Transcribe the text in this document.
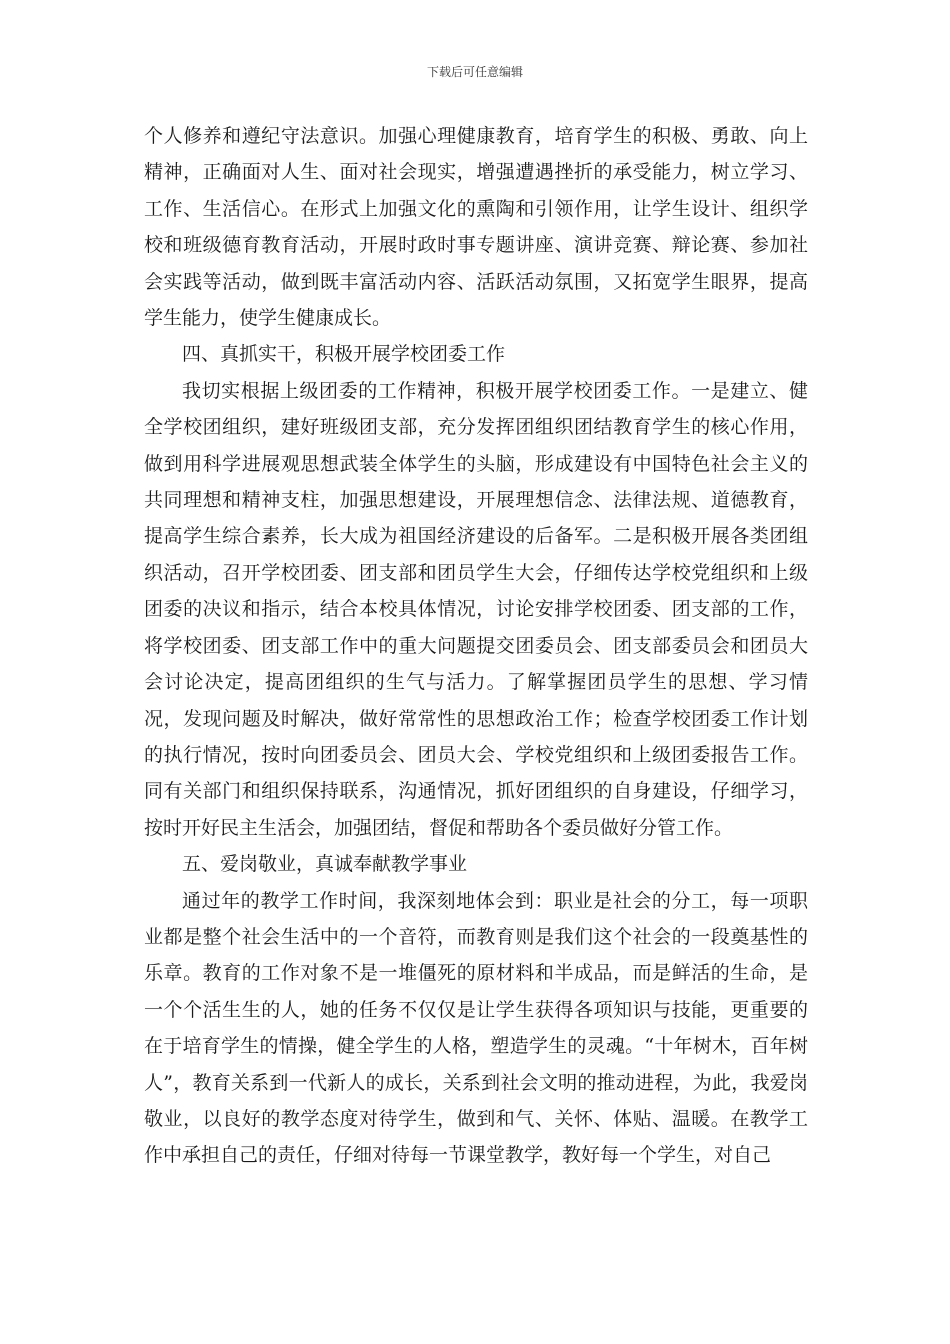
下载后可任意编辑

个人修养和遵纪守法意识。加强心理健康教育，培育学生的积极、勇敢、向上精神，正确面对人生、面对社会现实，增强遭遇挫折的承受能力，树立学习、工作、生活信心。在形式上加强文化的熏陶和引领作用，让学生设计、组织学校和班级德育教育活动，开展时政时事专题讲座、演讲竞赛、辩论赛、参加社会实践等活动，做到既丰富活动内容、活跃活动氛围，又拓宽学生眼界，提高学生能力，使学生健康成长。

四、真抓实干，积极开展学校团委工作

我切实根据上级团委的工作精神，积极开展学校团委工作。一是建立、健全学校团组织，建好班级团支部，充分发挥团组织团结教育学生的核心作用，做到用科学进展观思想武装全体学生的头脑，形成建设有中国特色社会主义的共同理想和精神支柱，加强思想建设，开展理想信念、法律法规、道德教育，提高学生综合素养，长大成为祖国经济建设的后备军。二是积极开展各类团组织活动，召开学校团委、团支部和团员学生大会，仔细传达学校党组织和上级团委的决议和指示，结合本校具体情况，讨论安排学校团委、团支部的工作，将学校团委、团支部工作中的重大问题提交团委员会、团支部委员会和团员大会讨论决定，提高团组织的生气与活力。了解掌握团员学生的思想、学习情况，发现问题及时解决，做好常常性的思想政治工作；检查学校团委工作计划的执行情况，按时向团委员会、团员大会、学校党组织和上级团委报告工作。同有关部门和组织保持联系，沟通情况，抓好团组织的自身建设，仔细学习，按时开好民主生活会，加强团结，督促和帮助各个委员做好分管工作。

五、爱岗敬业，真诚奉献教学事业

通过年的教学工作时间，我深刻地体会到：职业是社会的分工，每一项职业都是整个社会生活中的一个音符，而教育则是我们这个社会的一段奠基性的乐章。教育的工作对象不是一堆僵死的原材料和半成品，而是鲜活的生命，是一个个活生生的人，她的任务不仅仅是让学生获得各项知识与技能，更重要的在于培育学生的情操，健全学生的人格，塑造学生的灵魂。“十年树木，百年树人”，教育关系到一代新人的成长，关系到社会文明的推动进程，为此，我爱岗敬业，以良好的教学态度对待学生，做到和气、关怀、体贴、温暖。在教学工作中承担自己的责任，仔细对待每一节课堂教学，教好每一个学生，对自己
